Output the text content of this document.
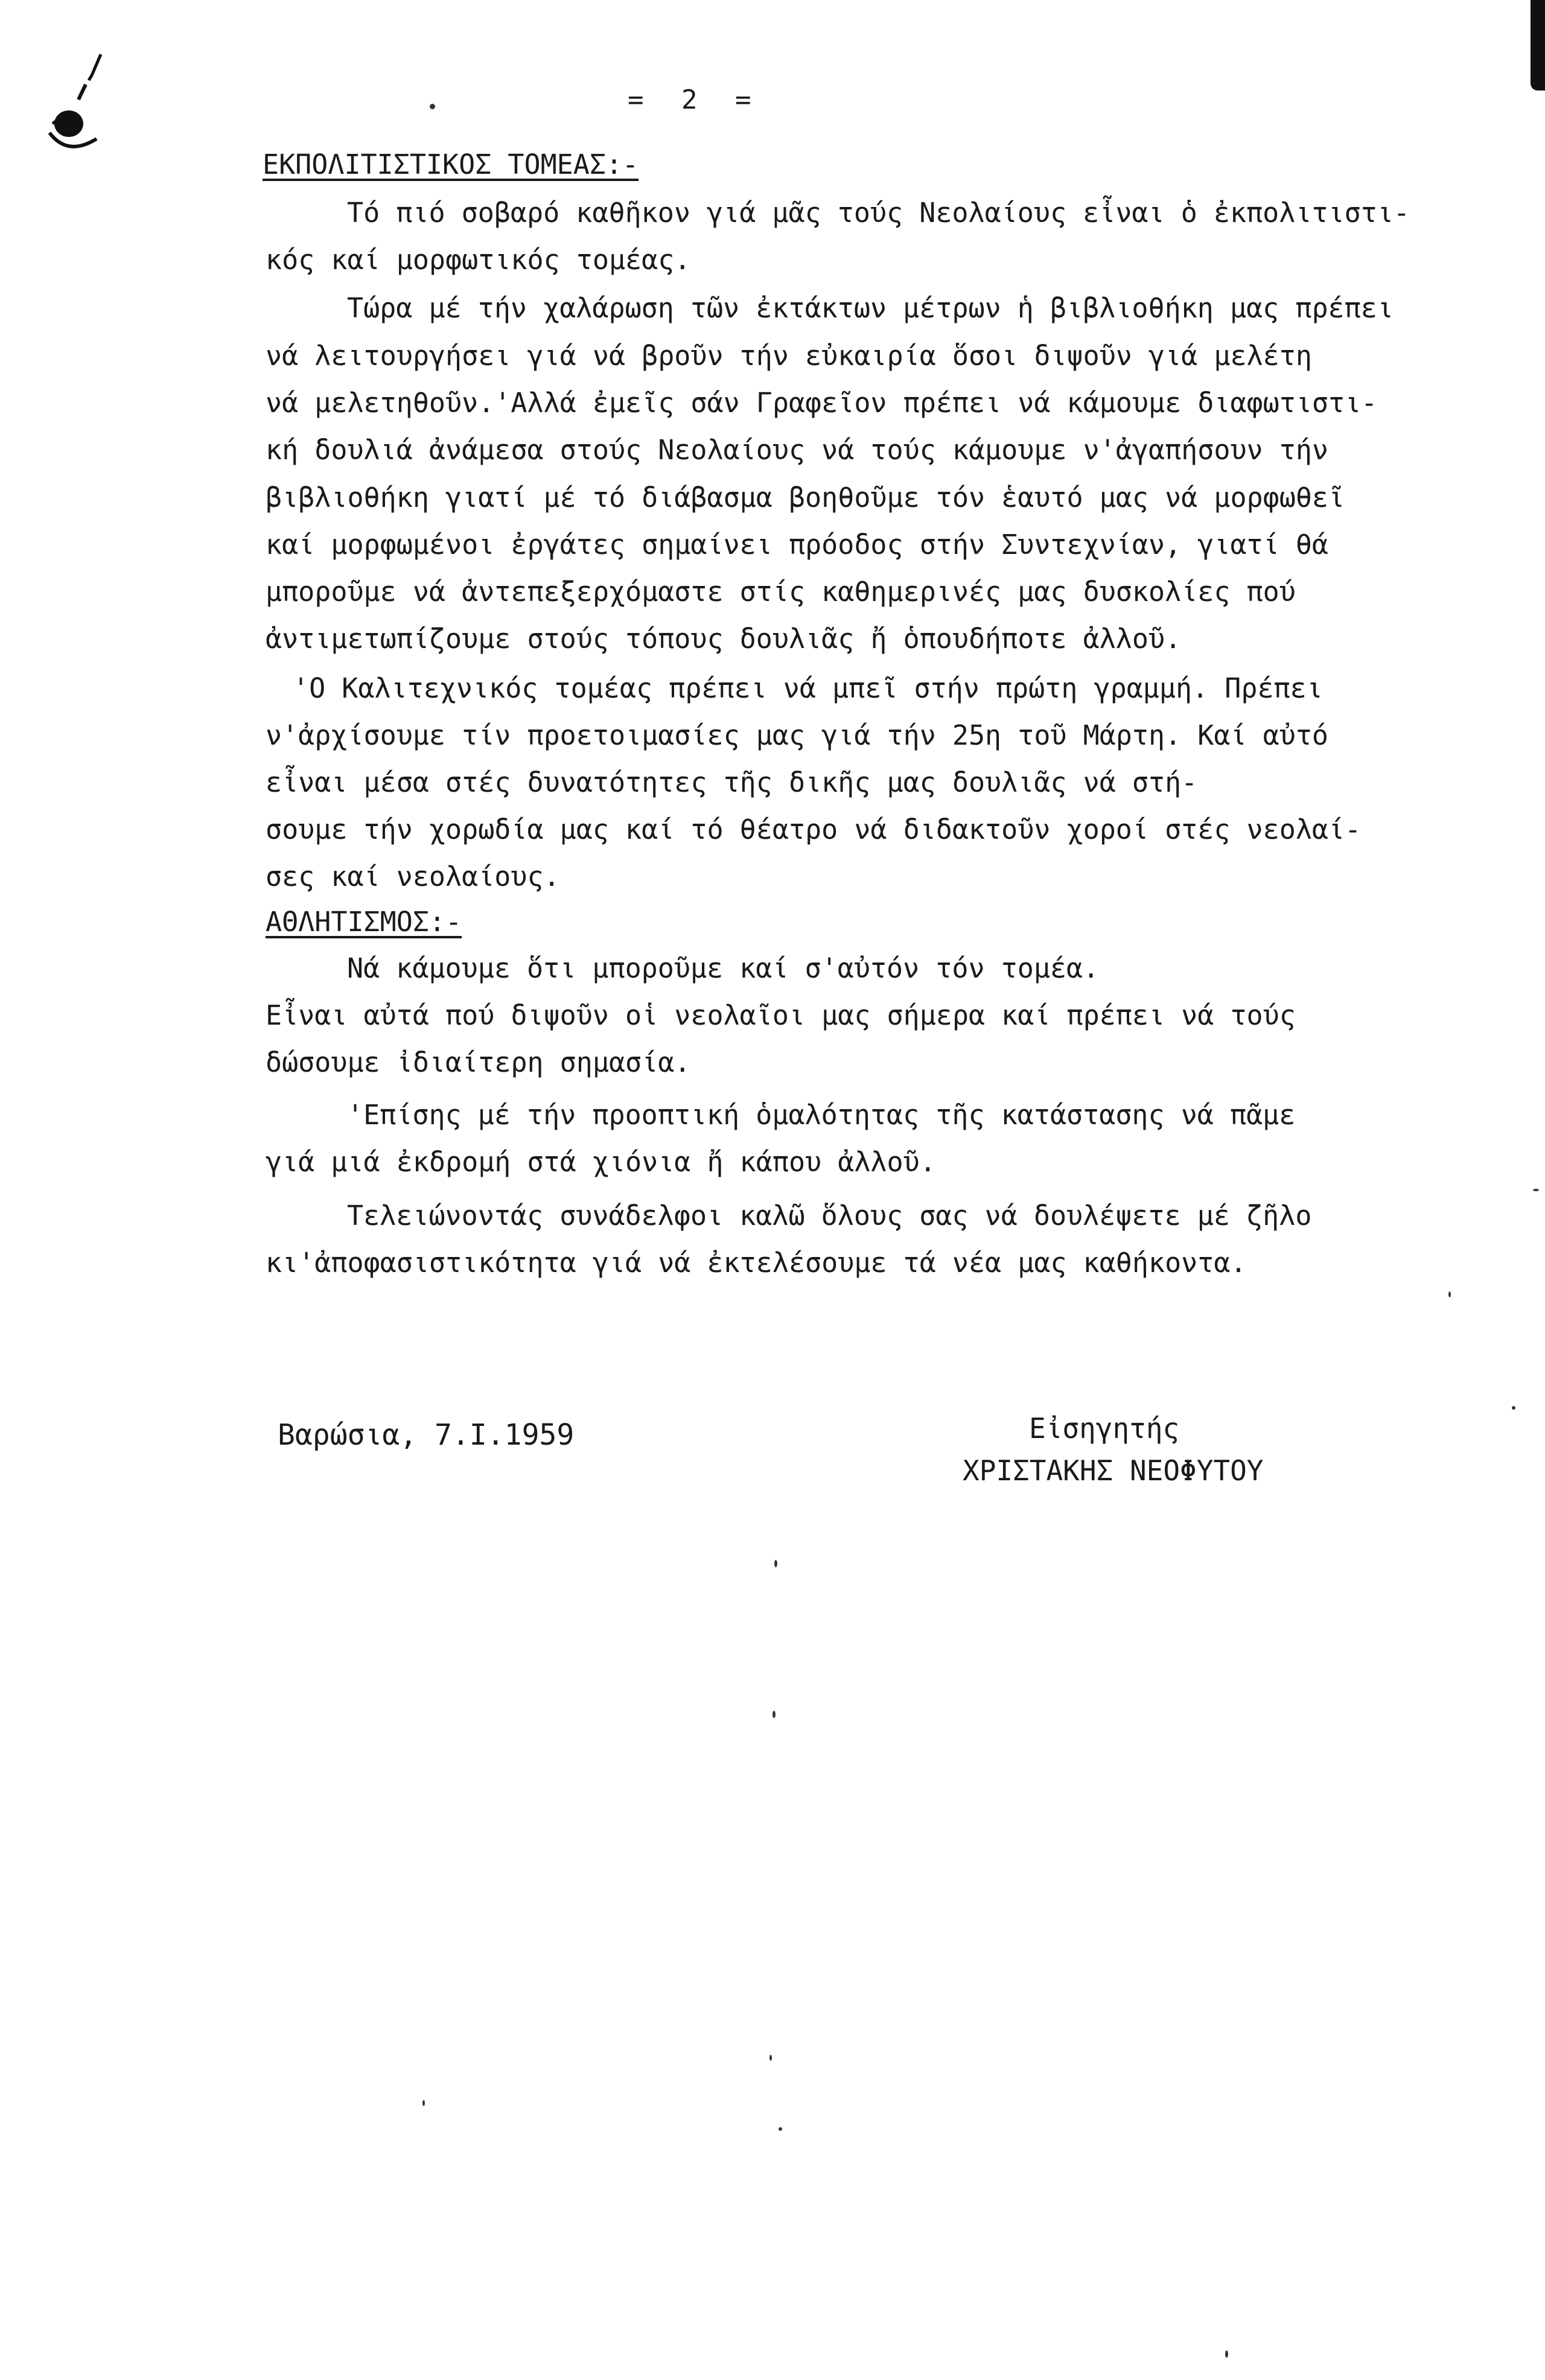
= 2 =
ΕΚΠΟΛΙΤΙΣΤΙΚΟΣ ΤΟΜΕΑΣ:-
Τό πιό σοβαρό καθῆκον γιά μᾶς τούς Νεολαίους εἶναι ὁ ἐκπολιτιστι-
κός καί μορφωτικός τομέας.
Τώρα μέ τήν χαλάρωση τῶν ἐκτάκτων μέτρων ἡ βιβλιοθήκη μας πρέπει
νά λειτουργήσει γιά νά βροῦν τήν εὐκαιρία ὅσοι διψοῦν γιά μελέτη
νά μελετηθοῦν.'Αλλά ἐμεῖς σάν Γραφεῖον πρέπει νά κάμουμε διαφωτιστι-
κή δουλιά ἀνάμεσα στούς Νεολαίους νά τούς κάμουμε ν'ἀγαπήσουν τήν
βιβλιοθήκη γιατί μέ τό διάβασμα βοηθοῦμε τόν ἑαυτό μας νά μορφωθεῖ
καί μορφωμένοι ἐργάτες σημαίνει πρόοδος στήν Συντεχνίαν, γιατί θά
μποροῦμε νά ἀντεπεξερχόμαστε στίς καθημερινές μας δυσκολίες πού
ἀντιμετωπίζουμε στούς τόπους δουλιᾶς ἤ ὁπουδήποτε ἀλλοῦ.
'Ο Καλιτεχνικός τομέας πρέπει νά μπεῖ στήν πρώτη γραμμή. Πρέπει
ν'ἀρχίσουμε τίν προετοιμασίες μας γιά τήν 25η τοῦ Μάρτη. Καί αὐτό
εἶναι μέσα στές δυνατότητες τῆς δικῆς μας δουλιᾶς νά στή-
σουμε τήν χορωδία μας καί τό θέατρο νά διδακτοῦν χοροί στές νεολαί-
σες καί νεολαίους.
ΑΘΛΗΤΙΣΜΟΣ:-
Νά κάμουμε ὅτι μποροῦμε καί σ'αὐτόν τόν τομέα.
Εἶναι αὐτά πού διψοῦν οἱ νεολαῖοι μας σήμερα καί πρέπει νά τούς
δώσουμε ἰδιαίτερη σημασία.
'Επίσης μέ τήν προοπτική ὁμαλότητας τῆς κατάστασης νά πᾶμε
γιά μιά ἐκδρομή στά χιόνια ἤ κάπου ἀλλοῦ.
Τελειώνοντάς συνάδελφοι καλῶ ὅλους σας νά δουλέψετε μέ ζῆλο
κι'ἀποφασιστικότητα γιά νά ἐκτελέσουμε τά νέα μας καθήκοντα.
Βαρώσια, 7.I.1959	Εἰσηγητής
ΧΡΙΣΤΑΚΗΣ ΝΕΟΦΥΤΟΥ
